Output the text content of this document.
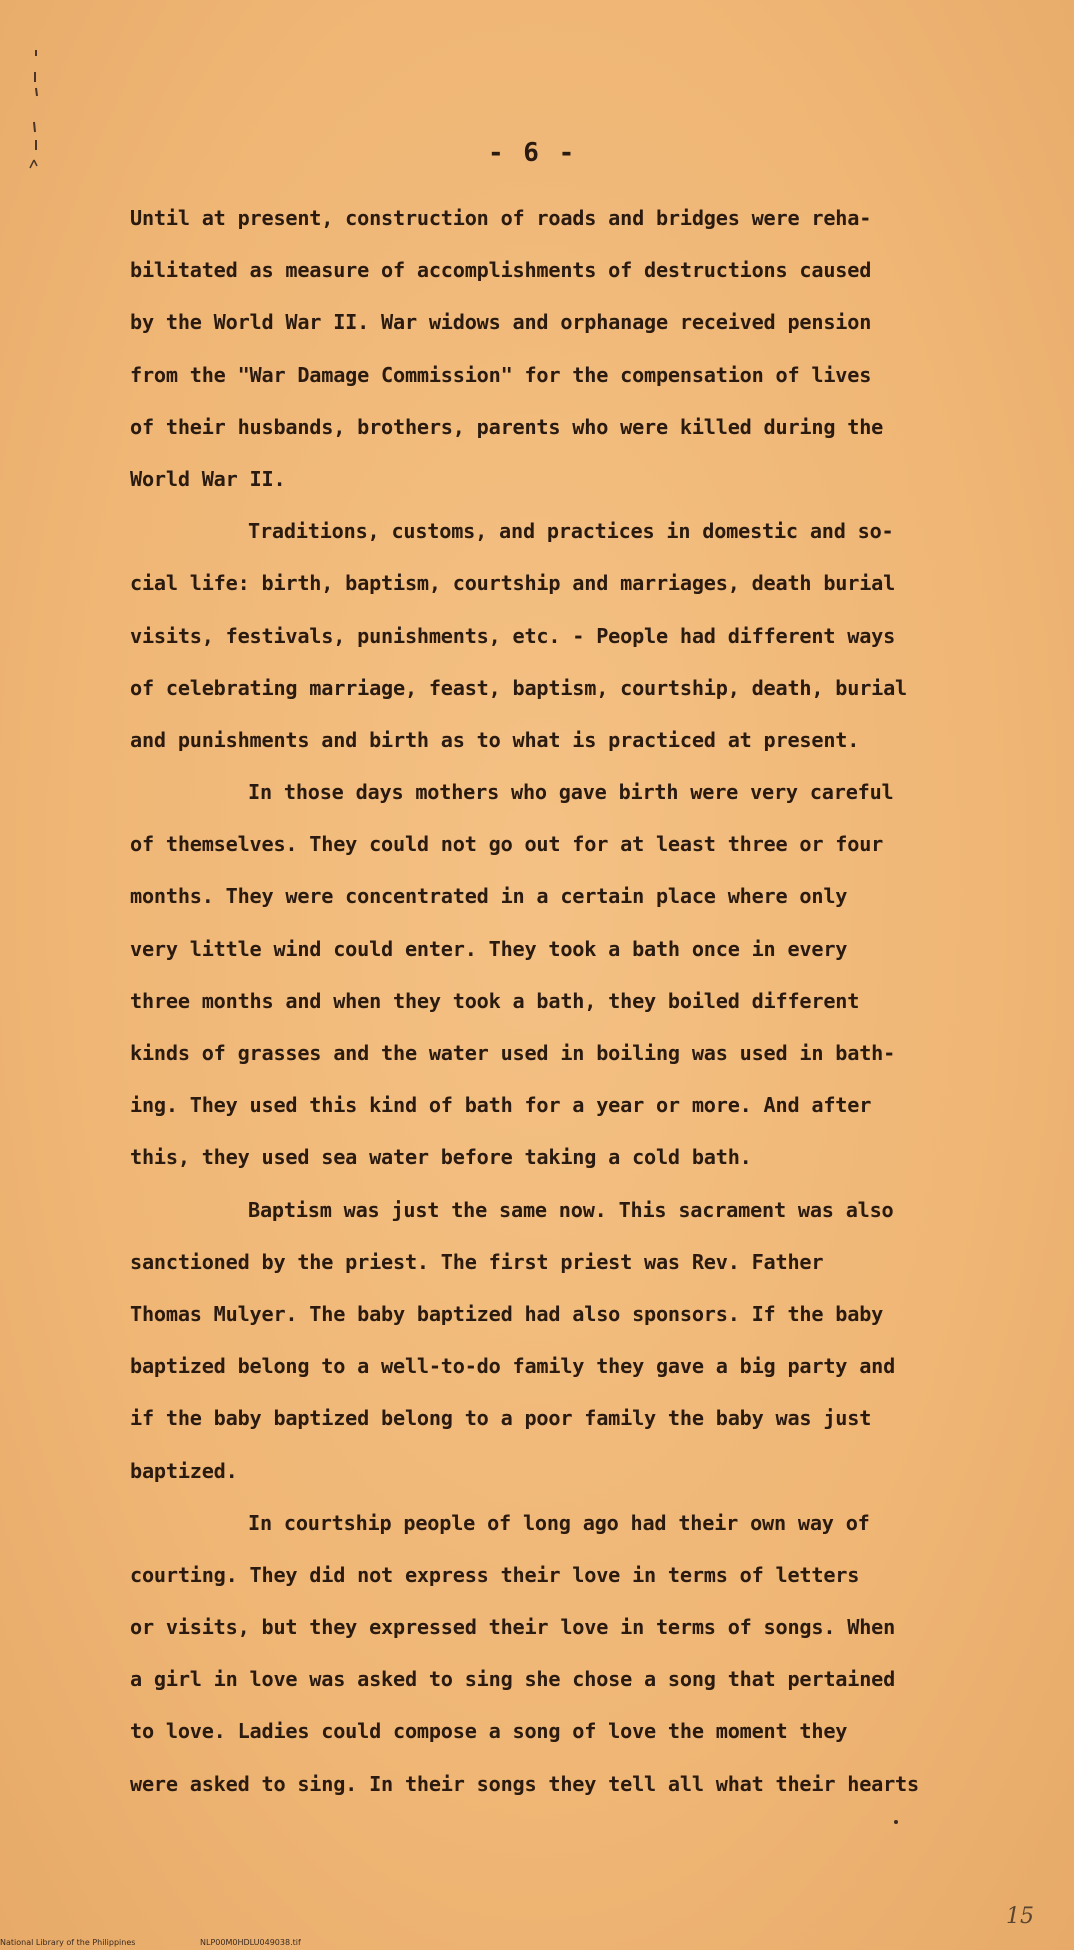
- 6 -
Until at present, construction of roads and bridges were reha-
bilitated as measure of accomplishments of destructions caused
by the World War II. War widows and orphanage received pension
from the "War Damage Commission" for the compensation of lives
of their husbands, brothers, parents who were killed during the
World War II.
Traditions, customs, and practices in domestic and so-
cial life: birth, baptism, courtship and marriages, death burial
visits, festivals, punishments, etc. - People had different ways
of celebrating marriage, feast, baptism, courtship, death, burial
and punishments and birth as to what is practiced at present.
In those days mothers who gave birth were very careful
of themselves. They could not go out for at least three or four
months. They were concentrated in a certain place where only
very little wind could enter. They took a bath once in every
three months and when they took a bath, they boiled different
kinds of grasses and the water used in boiling was used in bath-
ing. They used this kind of bath for a year or more. And after
this, they used sea water before taking a cold bath.
Baptism was just the same now. This sacrament was also
sanctioned by the priest. The first priest was Rev. Father
Thomas Mulyer. The baby baptized had also sponsors. If the baby
baptized belong to a well-to-do family they gave a big party and
if the baby baptized belong to a poor family the baby was just
baptized.
In courtship people of long ago had their own way of
courting. They did not express their love in terms of letters
or visits, but they expressed their love in terms of songs. When
a girl in love was asked to sing she chose a song that pertained
to love. Ladies could compose a song of love the moment they
were asked to sing. In their songs they tell all what their hearts
15
National Library of the Philippines	NLP00M0HDLU049038.tif
